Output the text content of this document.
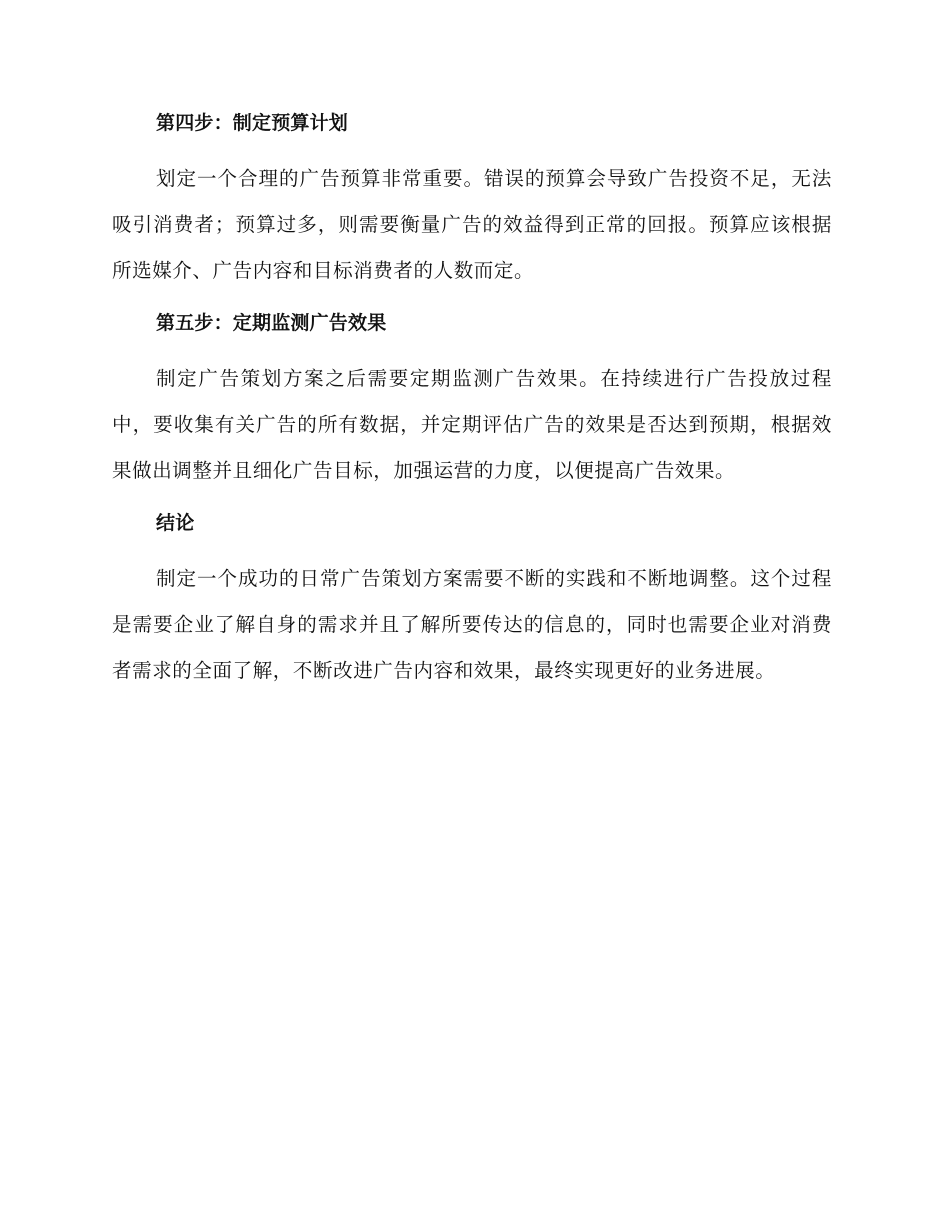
第四步：制定预算计划

划定一个合理的广告预算非常重要。错误的预算会导致广告投资不足，无法吸引消费者；预算过多，则需要衡量广告的效益得到正常的回报。预算应该根据所选媒介、广告内容和目标消费者的人数而定。

第五步：定期监测广告效果

制定广告策划方案之后需要定期监测广告效果。在持续进行广告投放过程中，要收集有关广告的所有数据，并定期评估广告的效果是否达到预期，根据效果做出调整并且细化广告目标，加强运营的力度，以便提高广告效果。

结论

制定一个成功的日常广告策划方案需要不断的实践和不断地调整。这个过程是需要企业了解自身的需求并且了解所要传达的信息的，同时也需要企业对消费者需求的全面了解，不断改进广告内容和效果，最终实现更好的业务进展。
